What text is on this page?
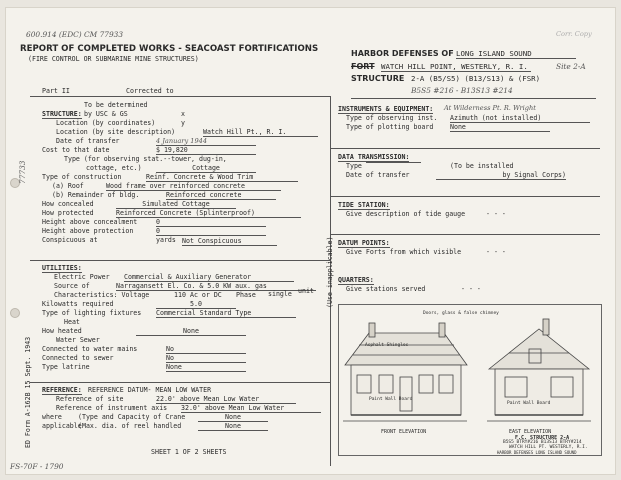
600.914 (EDC) CM 77933	Corr. Copy
REPORT OF COMPLETED WORKS - SEACOAST FORTIFICATIONS
(FIRE CONTROL OR SUBMARINE MINE STRUCTURES)
HARBOR DEFENSES OF LONG ISLAND SOUND
FORT WATCH HILL POINT, WESTERLY, R. I.	Site 2-A
STRUCTURE 2-A (B5/S5) (B13/S13) & (FSR)
B5S5 #216 - B13S13 #214
Part II	Corrected to
77733
To be determined
STRUCTURE: by USC & GS	x
Location (by coordinates)	y
Location (by site description)	Watch Hill Pt., R. I.
Date of transfer	4 January 1944
Cost to that date	$ 19,820
Type (for observing stat.--tower, dug-in,
cottage, etc.)	Cottage
Type of construction	Reinf. Concrete & Wood Trim
(a) Roof	Wood frame over reinforced concrete
(b) Remainder of bldg.	Reinforced concrete
How concealed	Simulated Cottage
How protected	Reinforced Concrete (Splinterproof)
Height above concealment	0
Height above protection	0
Conspicuous at	yards Not Conspicuous
UTILITIES:
Electric Power Commercial & Auxiliary Generator
Source of	Narragansett El. Co. & 5.0 KW aux. gas
Characteristics: Voltage	110 Ac or DC Phase single unit
Kilowatts required	5.0
Type of lighting fixtures Commercial Standard Type
Heat
How heated	None
Water Sewer
Connected to water mains	No
Connected to sewer	No
Type latrine	None
REFERENCE: REFERENCE DATUM- MEAN LOW WATER
Reference of site	22.0' above Mean Low Water
Reference of instrument axis 32.0' above Mean Low Water
where (Type and Capacity of Crane	None
applicable
(Max. dia. of reel handled	None
ED Form A-162B 15 Sept. 1943
SHEET 1 OF 2 SHEETS
FS-70F - 1790
INSTRUMENTS & EQUIPMENT: At Wilderness Pt. R. Wright
Type of observing inst. Azimuth (not installed)
Type of plotting board	None
DATA TRANSMISSION:
Type	(To be installed
Date of transfer	by Signal Corps)
TIDE STATION:
Give description of tide gauge	- - -
DATUM POINTS:
Give Forts from which visible	- - -
QUARTERS:
Give stations served	- - -
(Use inapplicable)
Doors, glass & false chimney
Asphalt Shingles
Paint Wall Board
Paint Wall Board
FRONT ELEVATION	EAST ELEVATION
F.C. STRUCTURE 2-A
B5S5 BTRY#216 B13S13 BTRY#214
WATCH HILL PT. WESTERLY, R.I.
HARBOR DEFENSES LONG ISLAND SOUND
